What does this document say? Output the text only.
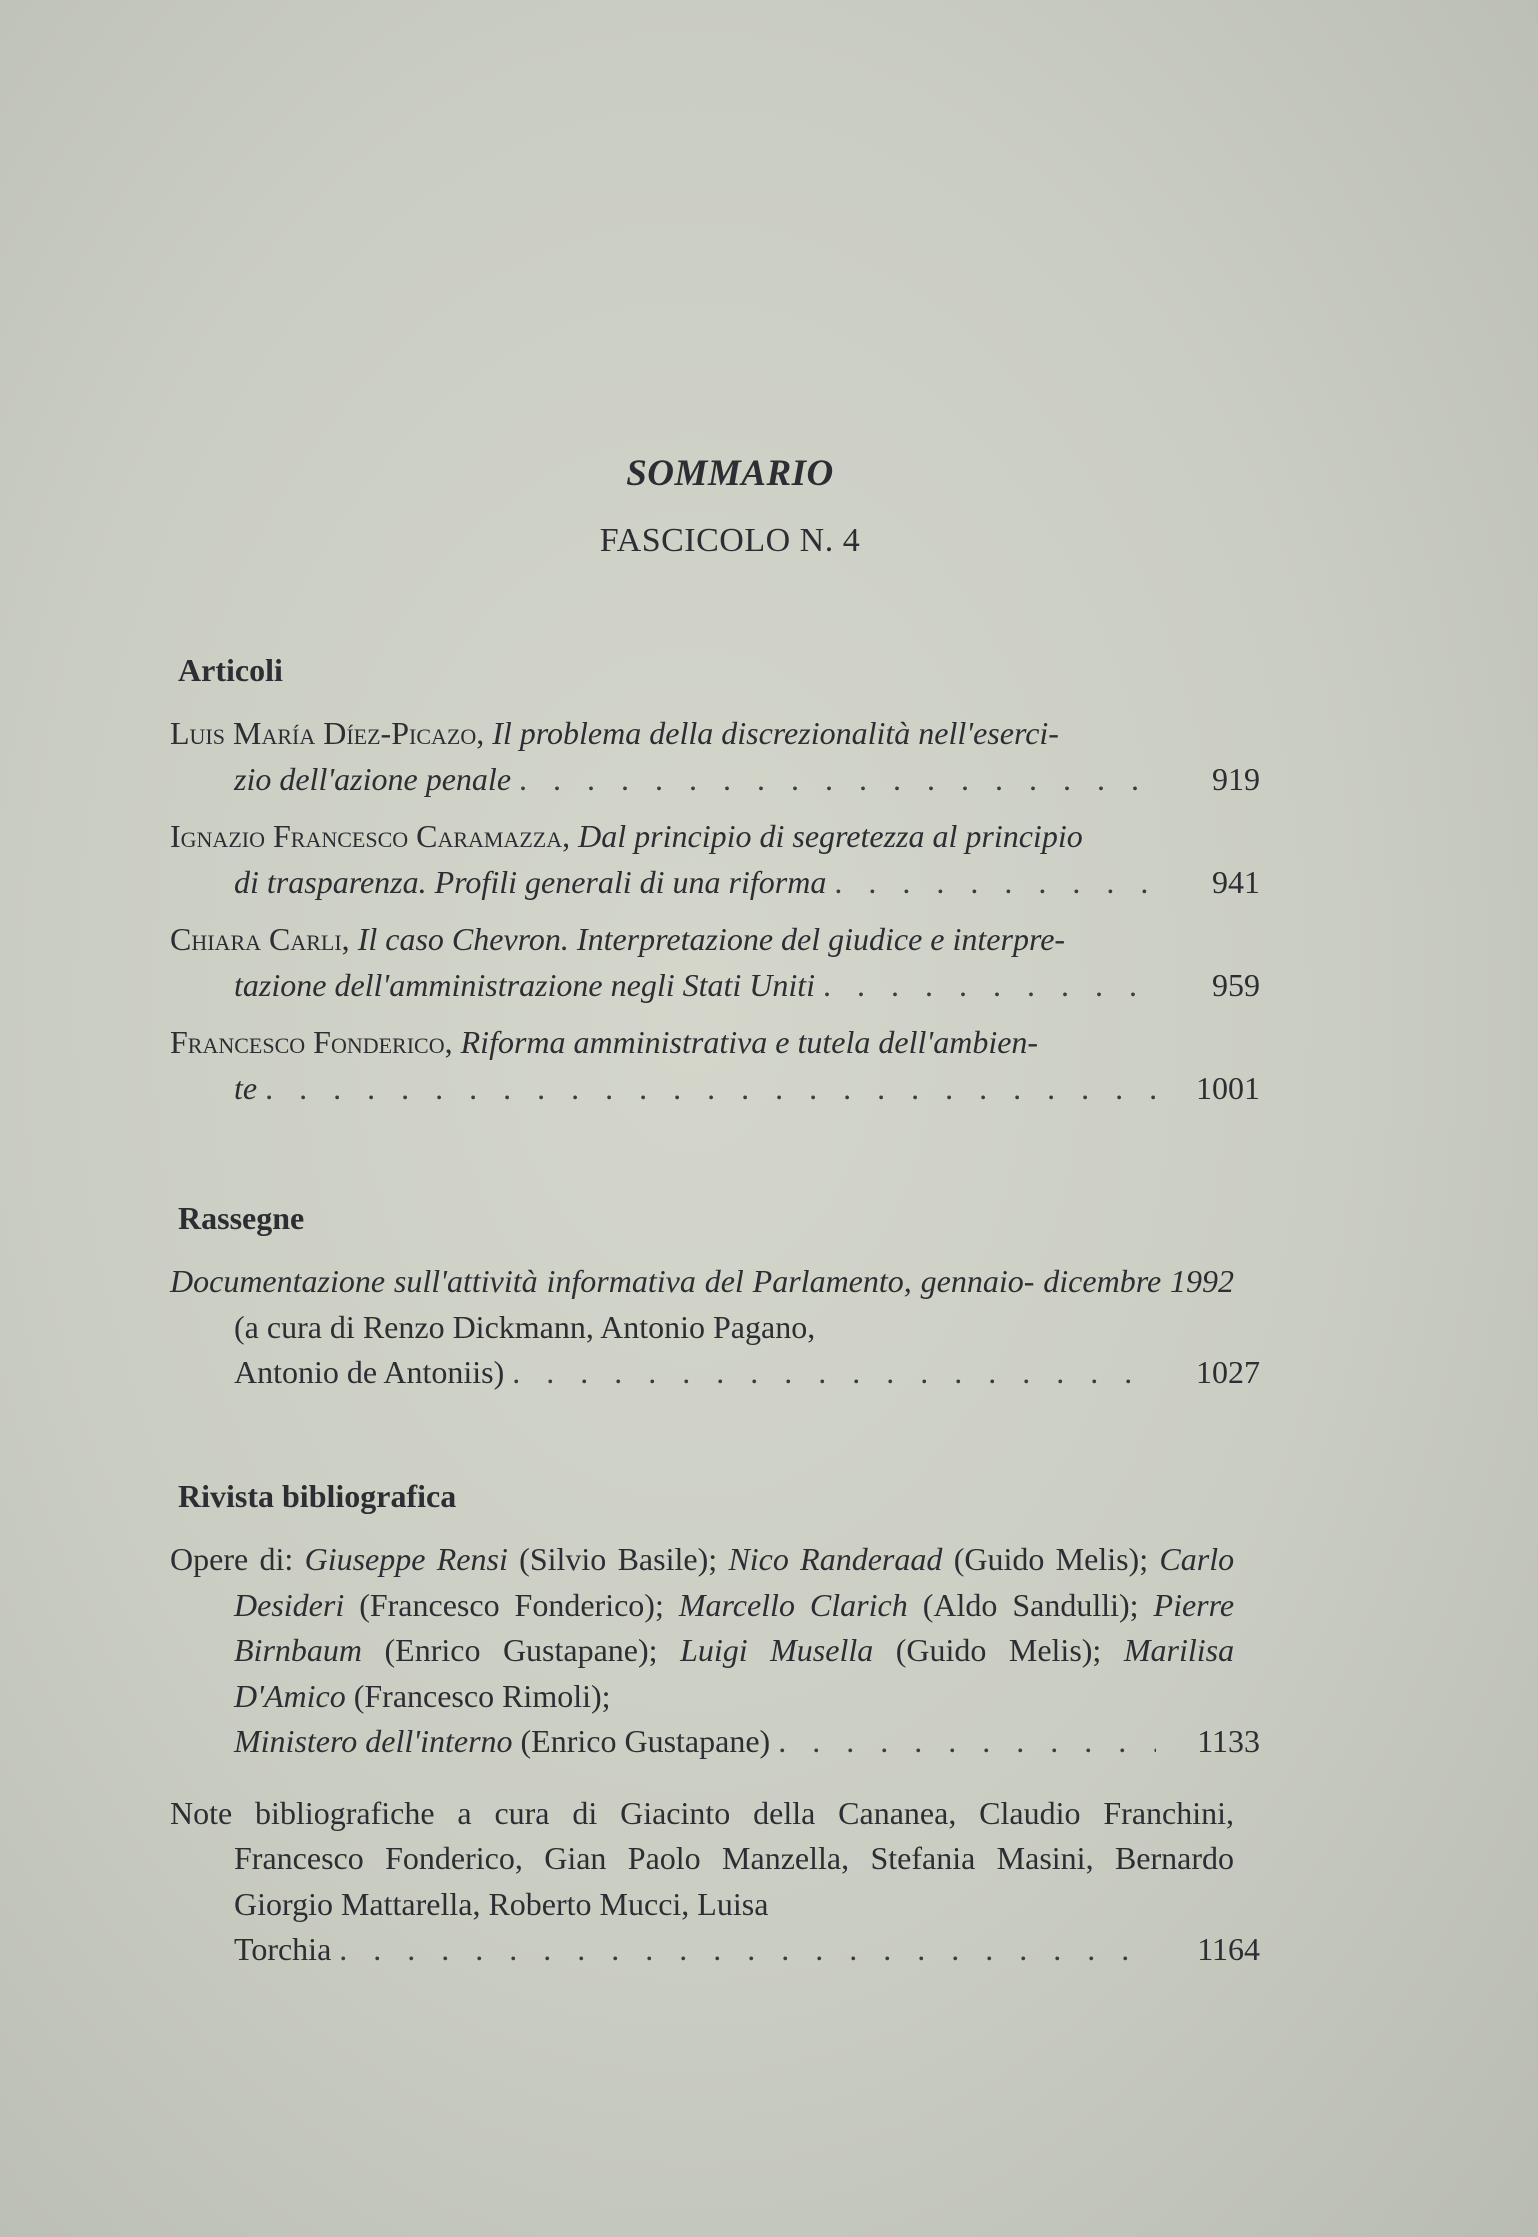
SOMMARIO
FASCICOLO N. 4
Articoli
Luis María Díez-Picazo, Il problema della discrezionalità nell'eserci-
zio dell'azione penale . . .	919
Ignazio Francesco Caramazza, Dal principio di segretezza al principio
di trasparenza. Profili generali di una riforma . . .	941
Chiara Carli, Il caso Chevron. Interpretazione del giudice e interpre-
tazione dell'amministrazione negli Stati Uniti . . .	959
Francesco Fonderico, Riforma amministrativa e tutela dell'ambien-
te . . .	1001
Rassegne
Documentazione sull'attività informativa del Parlamento, gennaio- dicembre 1992 (a cura di Renzo Dickmann, Antonio Pagano,
Antonio de Antoniis) . . .	1027
Rivista bibliografica
Opere di: Giuseppe Rensi (Silvio Basile); Nico Randeraad (Guido Melis); Carlo Desideri (Francesco Fonderico); Marcello Clarich (Aldo Sandulli); Pierre Birnbaum (Enrico Gustapane); Luigi Musella (Guido Melis); Marilisa D'Amico (Francesco Rimoli);
Ministero dell'interno
(Enrico Gustapane) . . .	1133
Note bibliografiche a cura di Giacinto della Cananea, Claudio Franchini, Francesco Fonderico, Gian Paolo Manzella, Stefania Masini, Bernardo Giorgio Mattarella, Roberto Mucci, Luisa
Torchia . . .	1164
